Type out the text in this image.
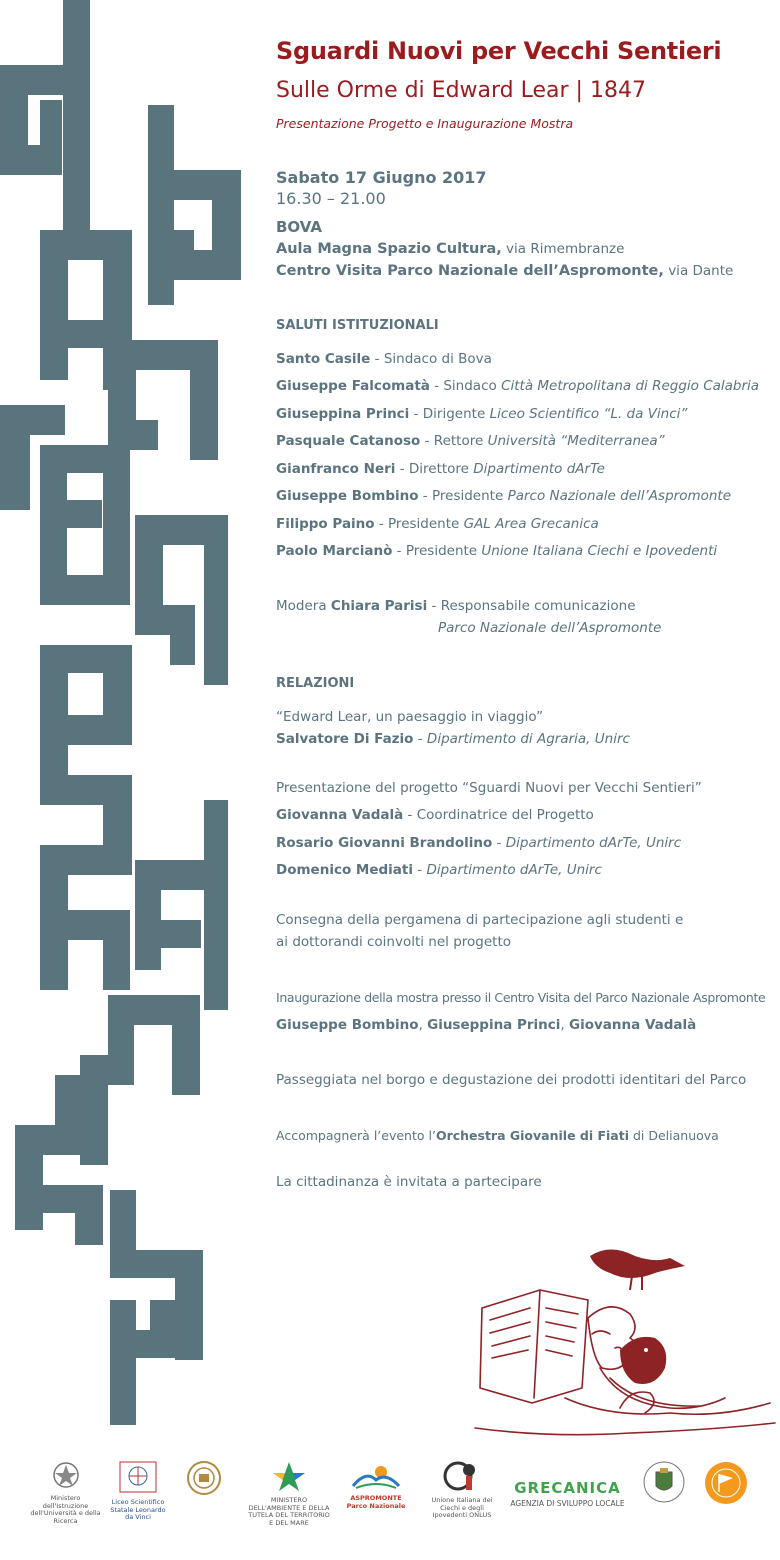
Sguardi Nuovi per Vecchi Sentieri
Sulle Orme di Edward Lear | 1847
Presentazione Progetto e Inaugurazione Mostra
Sabato 17 Giugno 2017
16.30 – 21.00
BOVA
Aula Magna Spazio Cultura, via Rimembranze
Centro Visita Parco Nazionale dell’Aspromonte, via Dante
SALUTI ISTITUZIONALI
Santo Casile - Sindaco di Bova
Giuseppe Falcomatà - Sindaco Città Metropolitana di Reggio Calabria
Giuseppina Princi - Dirigente Liceo Scientifico “L. da Vinci”
Pasquale Catanoso - Rettore Università “Mediterranea”
Gianfranco Neri - Direttore Dipartimento dArTe
Giuseppe Bombino - Presidente Parco Nazionale dell’Aspromonte
Filippo Paino - Presidente GAL Area Grecanica
Paolo Marcianò - Presidente Unione Italiana Ciechi e Ipovedenti
Modera Chiara Parisi - Responsabile comunicazione
Parco Nazionale dell’Aspromonte
RELAZIONI
“Edward Lear, un paesaggio in viaggio”
Salvatore Di Fazio - Dipartimento di Agraria, Unirc
Presentazione del progetto “Sguardi Nuovi per Vecchi Sentieri”
Giovanna Vadalà - Coordinatrice del Progetto
Rosario Giovanni Brandolino - Dipartimento dArTe, Unirc
Domenico Mediati - Dipartimento dArTe, Unirc
Consegna della pergamena di partecipazione agli studenti e
ai dottorandi coinvolti nel progetto
Inaugurazione della mostra presso il Centro Visita del Parco Nazionale Aspromonte
Giuseppe Bombino, Giuseppina Princi, Giovanna Vadalà
Passeggiata nel borgo e degustazione dei prodotti identitari del Parco
Accompagnerà l’evento l’Orchestra Giovanile di Fiati di Delianuova
La cittadinanza è invitata a partecipare
Ministero dell'Istruzione dell'Università e della Ricerca
Liceo Scientifico Statale Leonardo da Vinci
MINISTERO DELL'AMBIENTE E DELLA TUTELA DEL TERRITORIO E DEL MARE
ASPROMONTE Parco Nazionale
Unione Italiana dei Ciechi e degli Ipovedenti ONLUS
GRECANICA
AGENZIA DI SVILUPPO LOCALE
